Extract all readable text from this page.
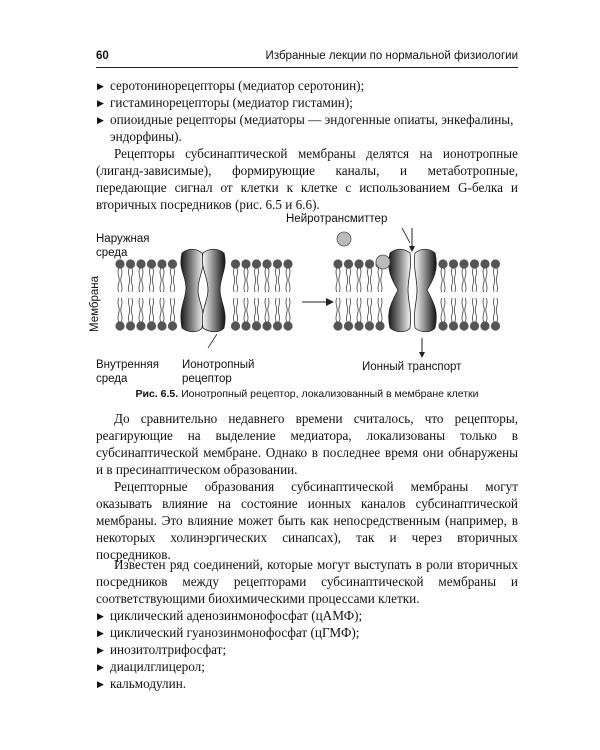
60	Избранные лекции по нормальной физиологии
▶ серотонинорецепторы (медиатор серотонин);
▶ гистаминорецепторы (медиатор гистамин);
▶ опиоидные рецепторы (медиаторы — эндогенные опиаты, энкефалины, эндорфины).

Рецепторы субсинаптической мембраны делятся на ионотропные (лиганд-зависимые), формирующие каналы, и метаботропные, передающие сигнал от клетки к клетке с использованием G-белка и вторичных посредников (рис. 6.5 и 6.6).

Наружная
среда
Нейротрансмиттер
Мембрана
Внутренняя
среда
Ионотропный
рецептор
Ионный транспорт
Рис. 6.5. Ионотропный рецептор, локализованный в мембране клетки

До сравнительно недавнего времени считалось, что рецепторы, реагирующие на выделение медиатора, локализованы только в субсинаптической мембране. Однако в последнее время они обнаружены и в пресинаптическом образовании.

Рецепторные образования субсинаптической мембраны могут оказывать влияние на состояние ионных каналов субсинаптической мембраны. Это влияние может быть как непосредственным (например, в некоторых холинэргических синапсах), так и через вторичных посредников.

Известен ряд соединений, которые могут выступать в роли вторичных посредников между рецепторами субсинаптической мембраны и соответствующими биохимическими процессами клетки.

▶ циклический аденозинмонофосфат (цАМФ);
▶ циклический гуанозинмонофосфат (цГМФ);
▶ инозитолтрифосфат;
▶ диацилглицерол;
▶ кальмодулин.
